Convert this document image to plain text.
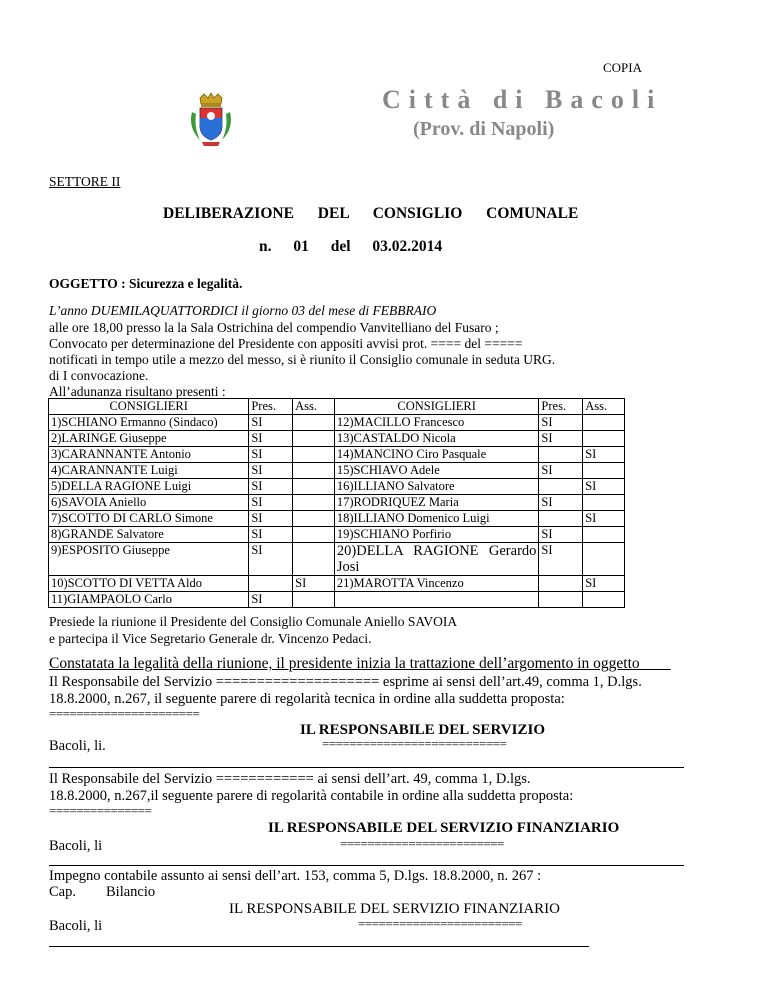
COPIA
Città di Bacoli
(Prov. di Napoli)
SETTORE II
DELIBERAZIONE DEL CONSIGLIO COMUNALE
n. 01 del 03.02.2014
OGGETTO : Sicurezza e legalità.
L’anno DUEMILAQUATTORDICI il giorno 03 del mese di FEBBRAIO
alle ore 18,00 presso la la Sala Ostrichina del compendio Vanvitelliano del Fusaro ;
Convocato per determinazione del Presidente con appositi avvisi prot. ==== del =====
notificati in tempo utile a mezzo del messo, si è riunito il Consiglio comunale in seduta URG.
di I convocazione.
All’adunanza risultano presenti :
CONSIGLIERI	Pres.	Ass.	CONSIGLIERI	Pres.	Ass.
1)SCHIANO Ermanno (Sindaco)	SI		12)MACILLO Francesco	SI	
2)LARINGE Giuseppe	SI		13)CASTALDO Nicola	SI	
3)CARANNANTE Antonio	SI		14)MANCINO Ciro Pasquale		SI
4)CARANNANTE Luigi	SI		15)SCHIAVO Adele	SI	
5)DELLA RAGIONE Luigi	SI		16)ILLIANO Salvatore		SI
6)SAVOIA Aniello	SI		17)RODRIQUEZ Maria	SI	
7)SCOTTO DI CARLO Simone	SI		18)ILLIANO Domenico Luigi		SI
8)GRANDE Salvatore	SI		19)SCHIANO Porfirio	SI	
9)ESPOSITO Giuseppe	SI		20)DELLA RAGIONE Gerardo Josi	SI	
10)SCOTTO DI VETTA Aldo		SI	21)MAROTTA Vincenzo		SI
11)GIAMPAOLO Carlo	SI				
Presiede la riunione il Presidente del Consiglio Comunale Aniello SAVOIA
e partecipa il Vice Segretario Generale dr. Vincenzo Pedaci.
Constatata la legalità della riunione, il presidente inizia la trattazione dell’argomento in oggetto____
Il Responsabile del Servizio ==================== esprime ai sensi dell’art.49, comma 1, D.lgs.
18.8.2000, n.267, il seguente parere di regolarità tecnica in ordine alla suddetta proposta:
======================
IL RESPONSABILE DEL SERVIZIO
Bacoli, li.	===========================
Il Responsabile del Servizio ============ ai sensi dell’art. 49, comma 1, D.lgs.
18.8.2000, n.267,il seguente parere di regolarità contabile in ordine alla suddetta proposta:
===============
IL RESPONSABILE DEL SERVIZIO FINANZIARIO
Bacoli, li	========================
Impegno contabile assunto ai sensi dell’art. 153, comma 5, D.lgs. 18.8.2000, n. 267 :
Cap. Bilancio
IL RESPONSABILE DEL SERVIZIO FINANZIARIO
Bacoli, li	========================
